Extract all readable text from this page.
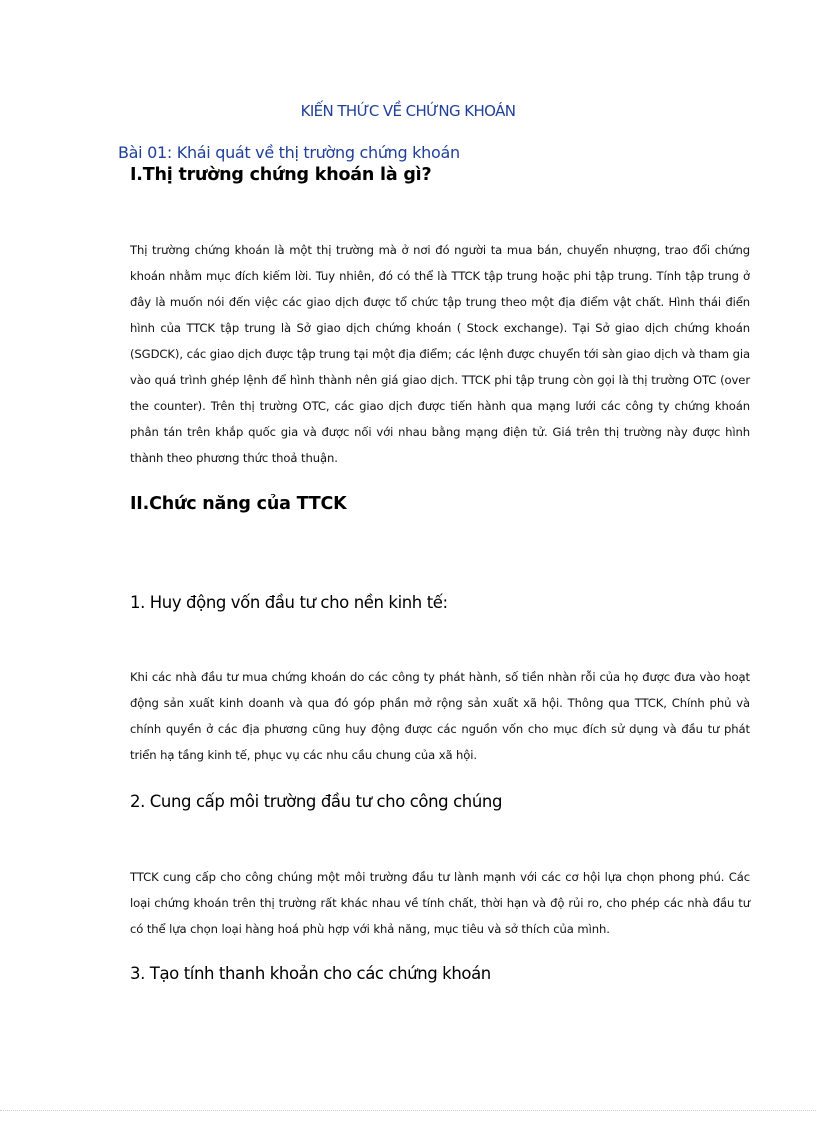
KIẾN THỨC VỀ CHỨNG KHOÁN
Bài 01: Khái quát về thị trường chứng khoán
I.Thị trường chứng khoán là gì?

Thị trường chứng khoán là một thị trường mà ở nơi đó người ta mua bán, chuyển nhượng, trao đổi chứng khoán nhằm mục đích kiếm lời. Tuy nhiên, đó có thể là TTCK tập trung hoặc phi tập trung. Tính tập trung ở đây là muốn nói đến việc các giao dịch được tổ chức tập trung theo một địa điểm vật chất. Hình thái điển hình của TTCK tập trung là Sở giao dịch chứng khoán ( Stock exchange). Tại Sở giao dịch chứng khoán (SGDCK), các giao dịch được tập trung tại một địa điểm; các lệnh được chuyển tới sàn giao dịch và tham gia vào quá trình ghép lệnh để hình thành nên giá giao dịch. TTCK phi tập trung còn gọi là thị trường OTC (over the counter). Trên thị trường OTC, các giao dịch được tiến hành qua mạng lưới các công ty chứng khoán phân tán trên khắp quốc gia và được nối với nhau bằng mạng điện tử. Giá trên thị trường này được hình thành theo phương thức thoả thuận.

II.Chức năng của TTCK
1. Huy động vốn đầu tư cho nền kinh tế:

Khi các nhà đầu tư mua chứng khoán do các công ty phát hành, số tiền nhàn rỗi của họ được đưa vào hoạt động sản xuất kinh doanh và qua đó góp phần mở rộng sản xuất xã hội. Thông qua TTCK, Chính phủ và chính quyền ở các địa phương cũng huy động được các nguồn vốn cho mục đích sử dụng và đầu tư phát triển hạ tầng kinh tế, phục vụ các nhu cầu chung của xã hội.

2. Cung cấp môi trường đầu tư cho công chúng

TTCK cung cấp cho công chúng một môi trường đầu tư lành mạnh với các cơ hội lựa chọn phong phú. Các loại chứng khoán trên thị trường rất khác nhau về tính chất, thời hạn và độ rủi ro, cho phép các nhà đầu tư có thể lựa chọn loại hàng hoá phù hợp với khả năng, mục tiêu và sở thích của mình.

3. Tạo tính thanh khoản cho các chứng khoán
